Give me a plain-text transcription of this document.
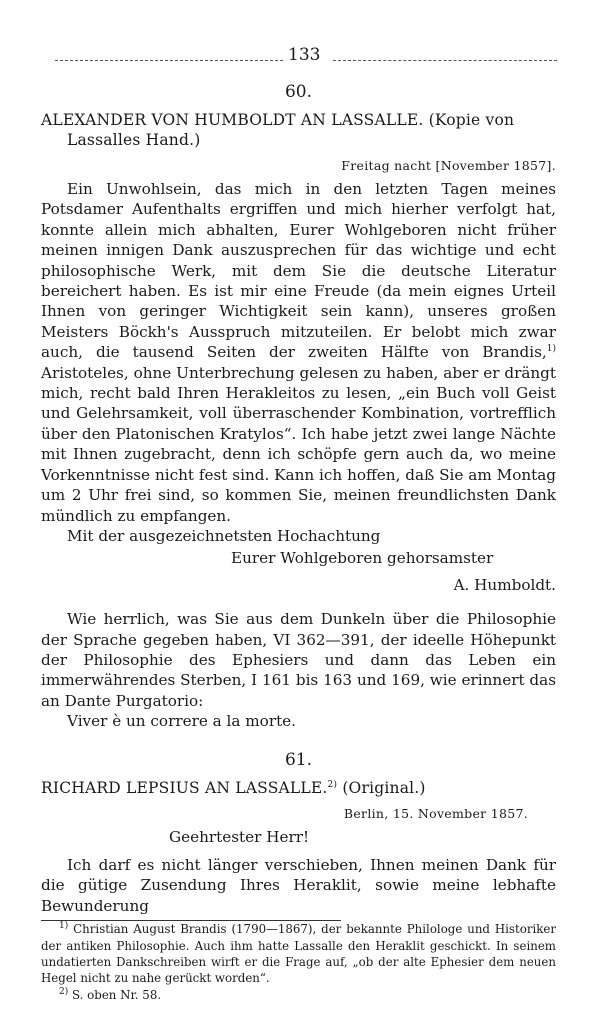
133
60.
ALEXANDER VON HUMBOLDT AN LASSALLE. (Kopie von
Lassalles Hand.)
Freitag nacht [November 1857].

Ein Unwohlsein, das mich in den letzten Tagen meines Potsdamer Aufenthalts ergriffen und mich hierher verfolgt hat, konnte allein mich abhalten, Eurer Wohlgeboren nicht früher meinen innigen Dank auszusprechen für das wichtige und echt philosophische Werk, mit dem Sie die deutsche Literatur bereichert haben. Es ist mir eine Freude (da mein eignes Urteil Ihnen von geringer Wichtigkeit sein kann), unseres großen Meisters Böckh's Ausspruch mitzuteilen. Er belobt mich zwar auch, die tausend Seiten der zweiten Hälfte von Brandis,$^{1)}$ Aristoteles, ohne Unterbrechung gelesen zu haben, aber er drängt mich, recht bald Ihren Herakleitos zu lesen, „ein Buch voll Geist und Gelehrsamkeit, voll überraschender Kombination, vortrefflich über den Platonischen Kratylos“. Ich habe jetzt zwei lange Nächte mit Ihnen zugebracht, denn ich schöpfe gern auch da, wo meine Vorkenntnisse nicht fest sind. Kann ich hoffen, daß Sie am Montag um 2 Uhr frei sind, so kommen Sie, meinen freundlichsten Dank mündlich zu empfangen.

Mit der ausgezeichnetsten Hochachtung

Eurer Wohlgeboren gehorsamster
A. Humboldt.

Wie herrlich, was Sie aus dem Dunkeln über die Philosophie der Sprache gegeben haben, VI 362—391, der ideelle Höhepunkt der Philosophie des Ephesiers und dann das Leben ein immerwährendes Sterben, I 161 bis 163 und 169, wie erinnert das an Dante Purgatorio:

Viver è un correre a la morte.
61.
RICHARD LEPSIUS AN LASSALLE.$^{2)}$ (Original.)
Berlin, 15. November 1857.
Geehrtester Herr!

Ich darf es nicht länger verschieben, Ihnen meinen Dank für die gütige Zusendung Ihres Heraklit, sowie meine lebhafte Bewunderung

$^{1)}$ Christian August Brandis (1790—1867), der bekannte Philologe und Historiker der antiken Philosophie. Auch ihm hatte Lassalle den Heraklit geschickt. In seinem undatierten Dankschreiben wirft er die Frage auf, „ob der alte Ephesier dem neuen Hegel nicht zu nahe gerückt worden“.
$^{2)}$ S. oben Nr. 58.
